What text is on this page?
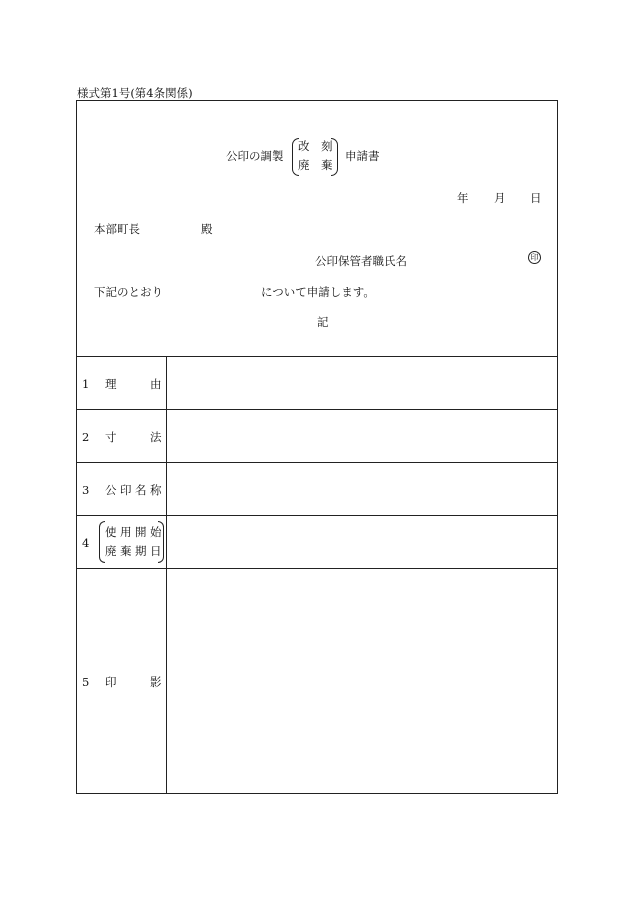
様式第1号(第4条関係)
公印の調製
改 刻
廃 棄
申請書
年 月 日
本部町長	殿
公印保管者職氏名	印
下記のとおり	について申請します。
記
1 理	由
2 寸	法
3 公 印 名 称
4
使 用 開 始
廃 棄 期 日
5 印	影
